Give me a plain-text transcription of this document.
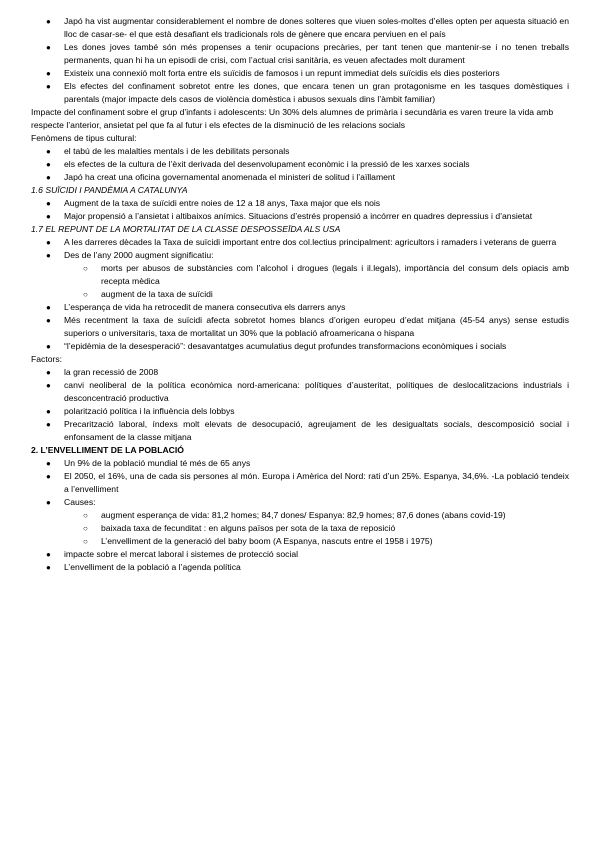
● Japó ha vist augmentar considerablement el nombre de dones solteres que viuen soles-moltes d’elles opten per aquesta situació en lloc de casar-se- el que està desafiant els tradicionals rols de gènere que encara perviuen en el país
● Les dones joves també són més propenses a tenir ocupacions precàries, per tant tenen que mantenir-se i no tenen treballs permanents, quan hi ha un episodi de crisi, com l’actual crisi sanitària, es veuen afectades molt durament
● Existeix una connexió molt forta entre els suïcidis de famosos i un repunt immediat dels suïcidis els dies posteriors
● Els efectes del confinament sobretot entre les dones, que encara tenen un gran protagonisme en les tasques domèstiques i parentals (major impacte dels casos de violència domèstica i abusos sexuals dins l’àmbit familiar)

Impacte del confinament sobre el grup d’infants i adolescents: Un 30% dels alumnes de primària i secundària es varen treure la vida amb respecte l’anterior, ansietat pel que fa al futur i els efectes de la disminució de les relacions socials

Fenòmens de tipus cultural:

● el tabú de les malalties mentals i de les debilitats personals
● els efectes de la cultura de l’èxit derivada del desenvolupament econòmic i la pressió de les xarxes socials
● Japó ha creat una oficina governamental anomenada el ministeri de solitud i l’aïllament

1.6 SUÏCIDI I PANDÈMIA A CATALUNYA

● Augment de la taxa de suïcidi entre noies de 12 a 18 anys, Taxa major que els nois
● Major propensió a l’ansietat i altibaixos anímics. Situacions d’estrés propensió a incórrer en quadres depressius i d’ansietat

1.7 EL REPUNT DE LA MORTALITAT DE LA CLASSE DESPOSSEÏDA ALS USA

● A les darreres dècades la Taxa de suïcidi important entre dos col.lectius principalment: agricultors i ramaders i veterans de guerra
● Des de l’any 2000 augment significatiu:
○ morts per abusos de substàncies com l’alcohol i drogues (legals i il.legals), importància del consum dels opiacis amb recepta mèdica
○ augment de la taxa de suïcidi
● L’esperança de vida ha retrocedit de manera consecutiva els darrers anys
● Més recentment la taxa de suïcidi afecta sobretot homes blancs d’origen europeu d’edat mitjana (45-54 anys) sense estudis superiors o universitaris, taxa de mortalitat un 30% que la població afroamericana o hispana
● “l’epidèmia de la desesperació”: desavantatges acumulatius degut profundes transformacions econòmiques i socials

Factors:

● la gran recessió de 2008
● canvi neoliberal de la política econòmica nord-americana: polítiques d’austeritat, polítiques de deslocalitzacions industrials i desconcentració productiva
● polarització política i la influència dels lobbys
● Precarització laboral, índexs molt elevats de desocupació, agreujament de les desigualtats socials, descomposició social i enfonsament de la classe mitjana

2. L’ENVELLIMENT DE LA POBLACIÓ

● Un 9% de la població mundial té més de 65 anys
● El 2050, el 16%, una de cada sis persones al món. Europa i Amèrica del Nord: rati d’un 25%. Espanya, 34,6%. -La població tendeix a l’envelliment
● Causes:
○ augment esperança de vida: 81,2 homes; 84,7 dones/ Espanya: 82,9 homes; 87,6 dones (abans covid-19)
○ baixada taxa de fecunditat : en alguns països per sota de la taxa de reposició
○ L’envelliment de la generació del baby boom (A Espanya, nascuts entre el 1958 i 1975)
● impacte sobre el mercat laboral i sistemes de protecció social
● L’envelliment de la població a l’agenda política
